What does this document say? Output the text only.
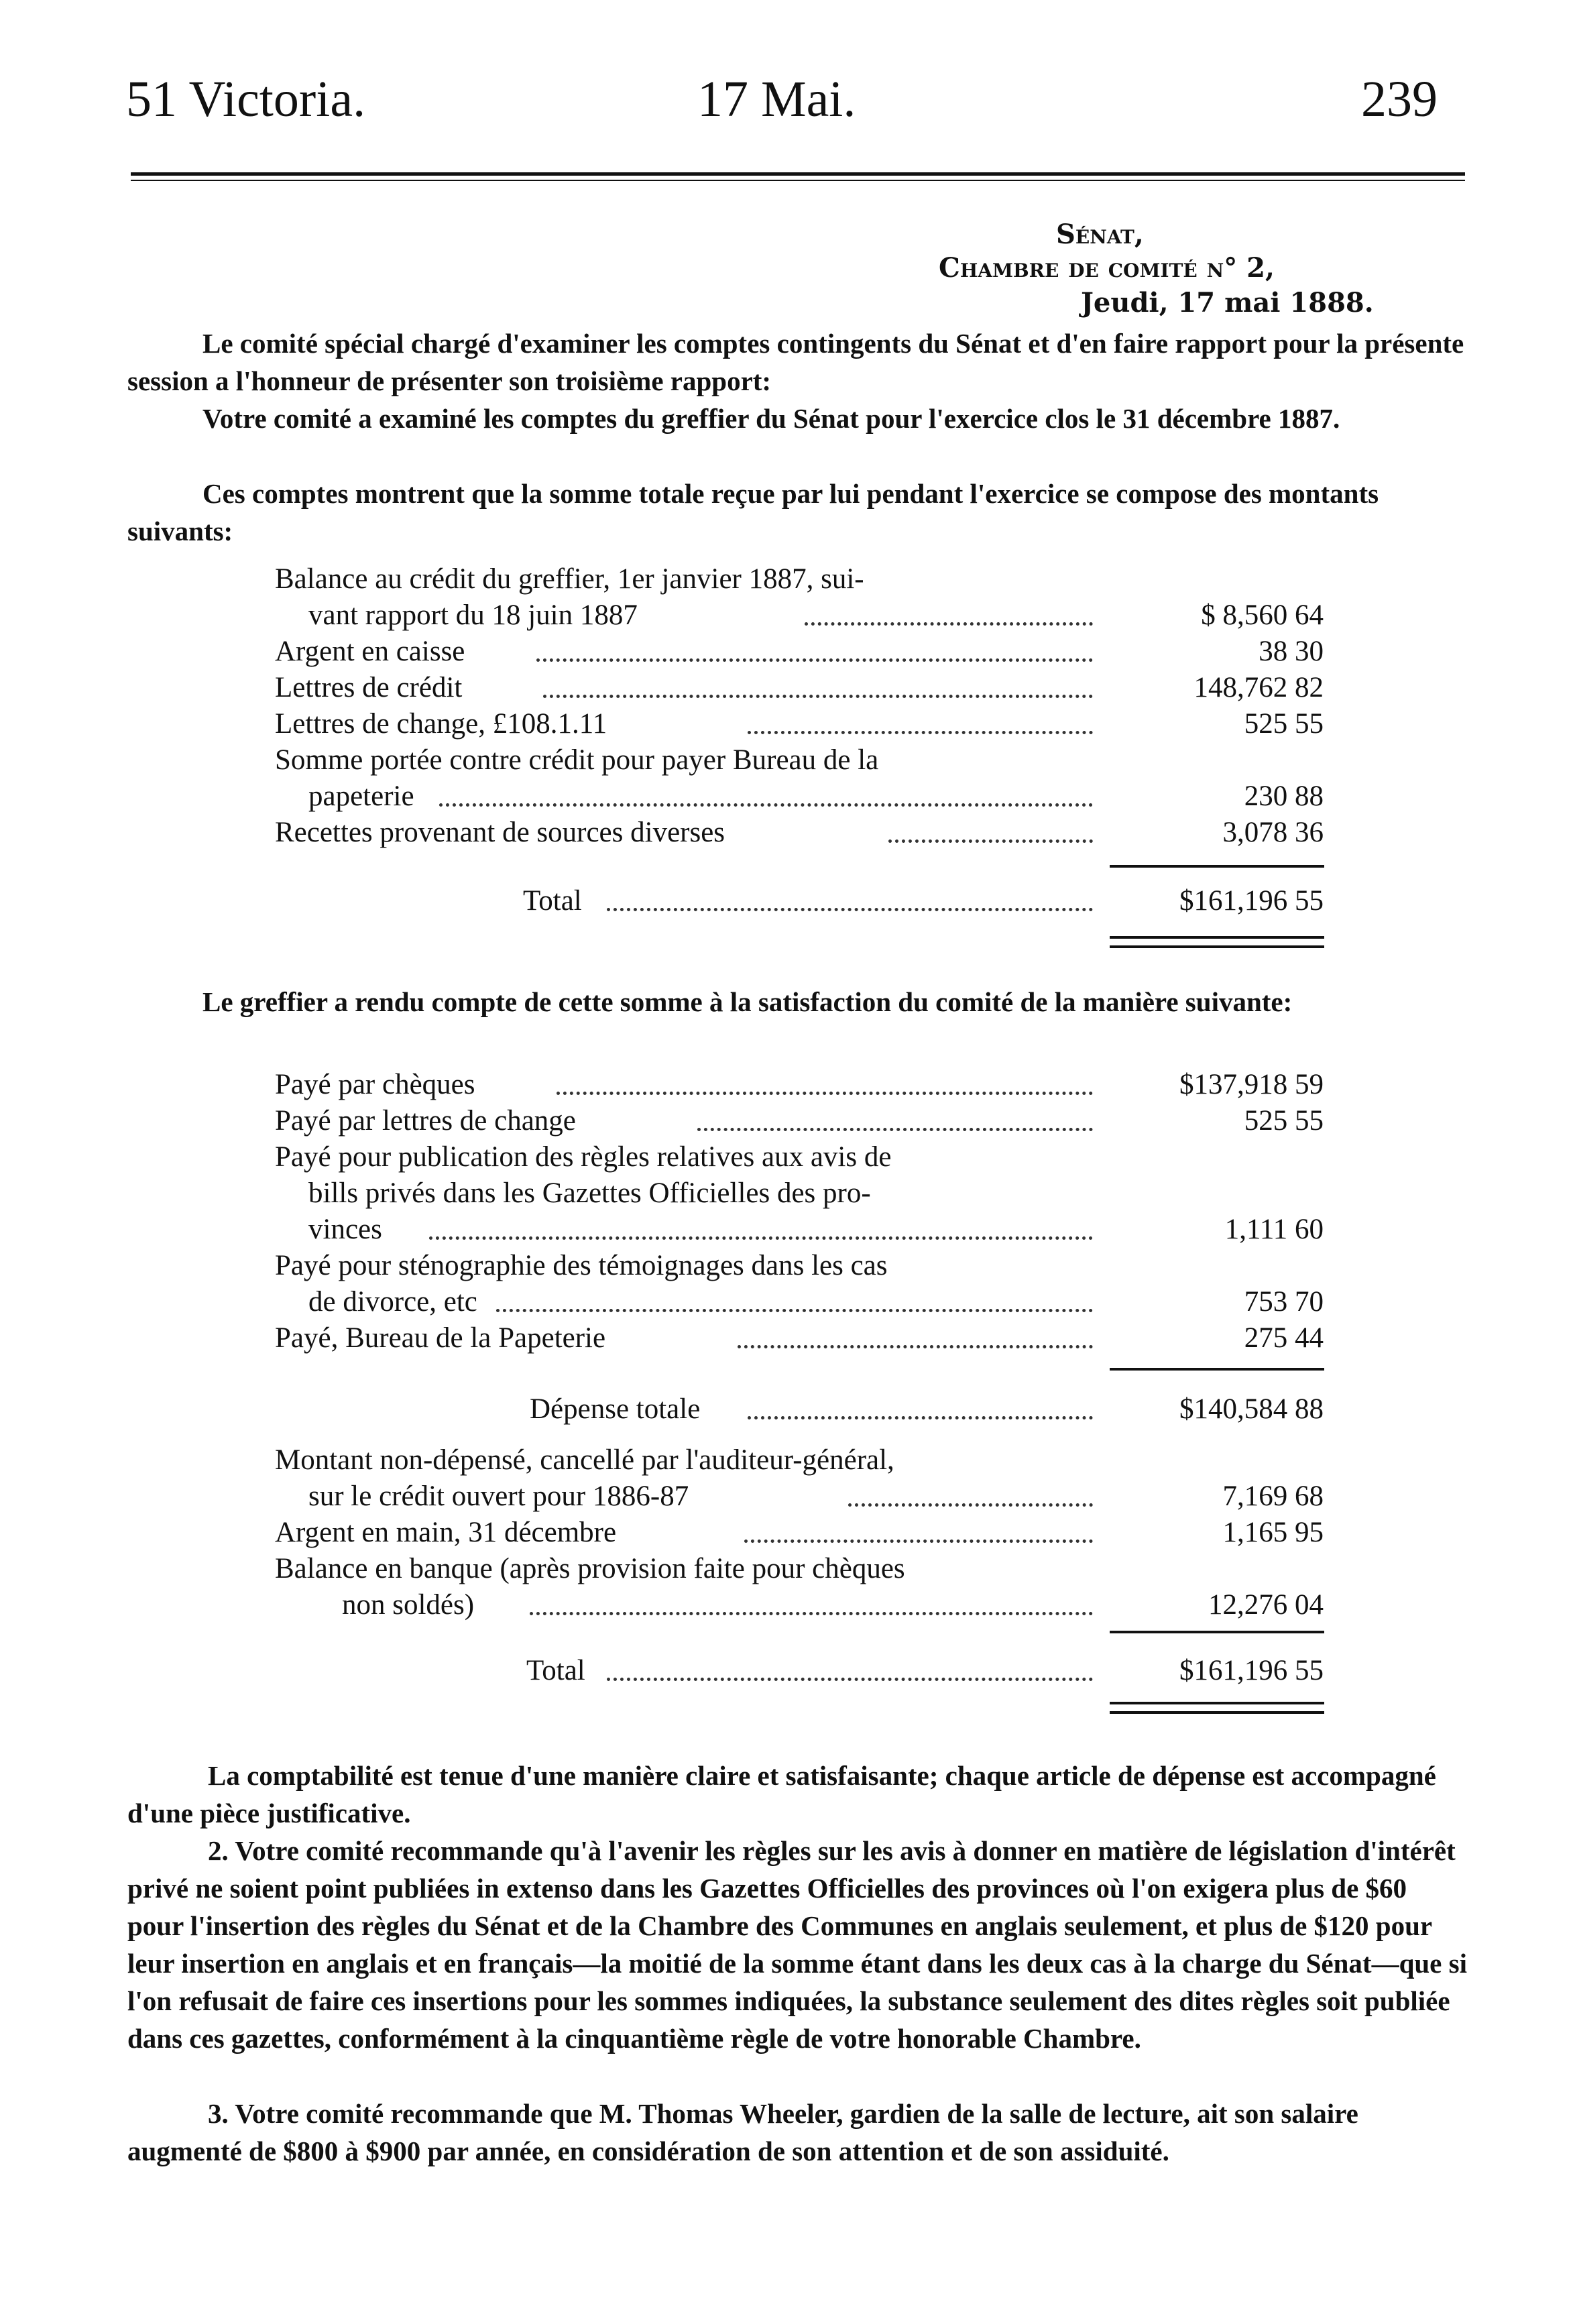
51 Victoria.	17 Mai.	239
Sénat,
Chambre de comité n° 2,
Jeudi, 17 mai 1888.
Le comité spécial chargé d'examiner les comptes contingents du Sénat et d'en faire rapport pour la présente session a l'honneur de présenter son troisième rapport:
Votre comité a examiné les comptes du greffier du Sénat pour l'exercice clos le 31 décembre 1887.
Ces comptes montrent que la somme totale reçue par lui pendant l'exercice se compose des montants suivants:
Balance au crédit du greffier, 1er janvier 1887, sui-
vant rapport du 18 juin 1887	$ 8,560 64
Argent en caisse	38 30
Lettres de crédit	148,762 82
Lettres de change, £108.1.11	525 55
Somme portée contre crédit pour payer Bureau de la
papeterie	230 88
Recettes provenant de sources diverses	3,078 36
Total	$161,196 55
Le greffier a rendu compte de cette somme à la satisfaction du comité de la manière suivante:
Payé par chèques	$137,918 59
Payé par lettres de change	525 55
Payé pour publication des règles relatives aux avis de
bills privés dans les Gazettes Officielles des pro-
vinces	1,111 60
Payé pour sténographie des témoignages dans les cas
de divorce, etc	753 70
Payé, Bureau de la Papeterie	275 44
Dépense totale	$140,584 88
Montant non-dépensé, cancellé par l'auditeur-général,
sur le crédit ouvert pour 1886-87	7,169 68
Argent en main, 31 décembre	1,165 95
Balance en banque (après provision faite pour chèques
non soldés)	12,276 04
Total	$161,196 55
La comptabilité est tenue d'une manière claire et satisfaisante; chaque article de dépense est accompagné d'une pièce justificative.
2. Votre comité recommande qu'à l'avenir les règles sur les avis à donner en matière de législation d'intérêt privé ne soient point publiées in extenso dans les Gazettes Officielles des provinces où l'on exigera plus de $60 pour l'insertion des règles du Sénat et de la Chambre des Communes en anglais seulement, et plus de $120 pour leur insertion en anglais et en français—la moitié de la somme étant dans les deux cas à la charge du Sénat—que si l'on refusait de faire ces insertions pour les sommes indiquées, la substance seulement des dites règles soit publiée dans ces gazettes, conformément à la cinquantième règle de votre honorable Chambre.
3. Votre comité recommande que M. Thomas Wheeler, gardien de la salle de lecture, ait son salaire augmenté de $800 à $900 par année, en considération de son attention et de son assiduité.
